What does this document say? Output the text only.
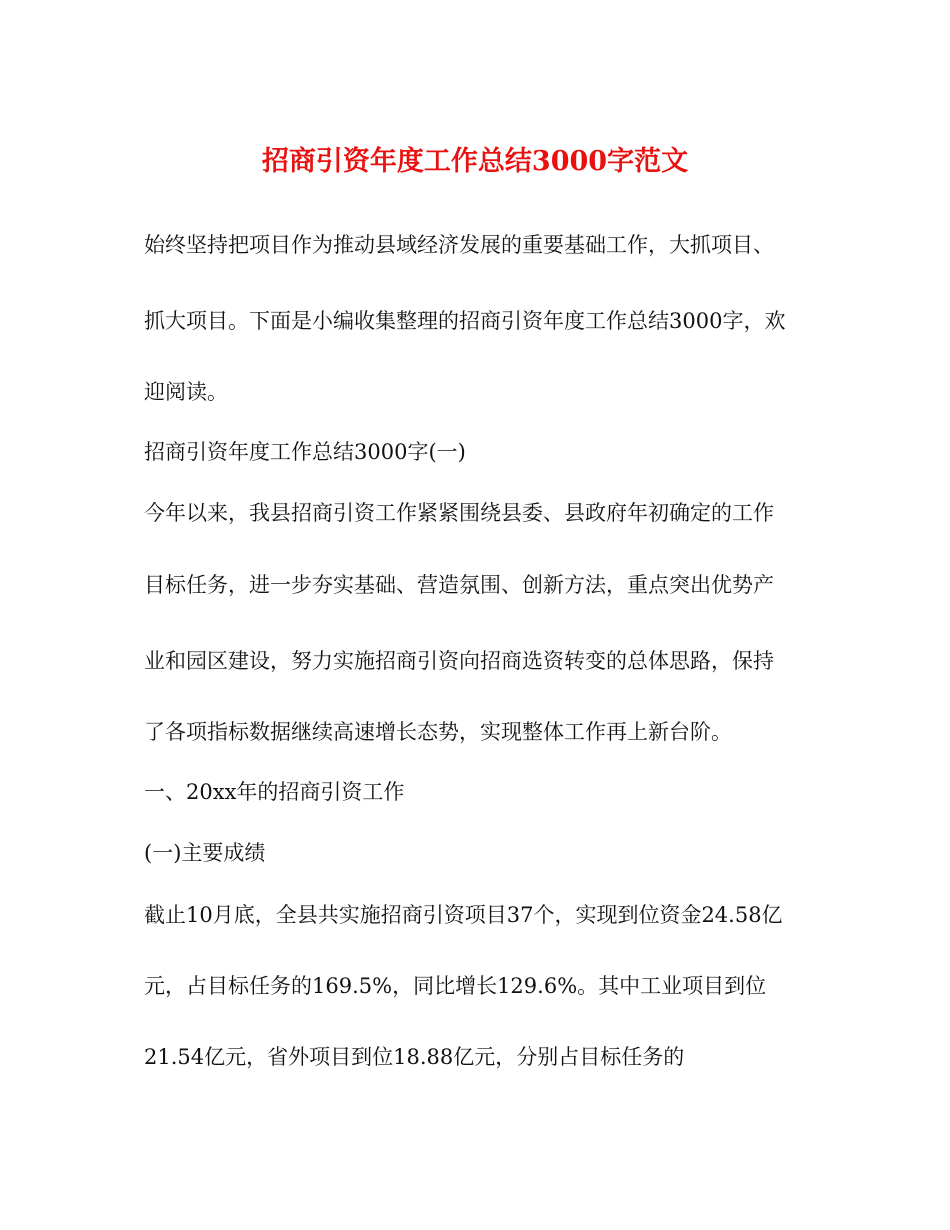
招商引资年度工作总结3000字范文
始终坚持把项目作为推动县域经济发展的重要基础工作，大抓项目、
抓大项目。下面是小编收集整理的招商引资年度工作总结3000字，欢
迎阅读。
招商引资年度工作总结3000字(一)
今年以来，我县招商引资工作紧紧围绕县委、县政府年初确定的工作
目标任务，进一步夯实基础、营造氛围、创新方法，重点突出优势产
业和园区建设，努力实施招商引资向招商选资转变的总体思路，保持
了各项指标数据继续高速增长态势，实现整体工作再上新台阶。
一、20xx年的招商引资工作
(一)主要成绩
截止10月底，全县共实施招商引资项目37个，实现到位资金24.58亿
元，占目标任务的169.5%，同比增长129.6%。其中工业项目到位
21.54亿元，省外项目到位18.88亿元，分别占目标任务的
